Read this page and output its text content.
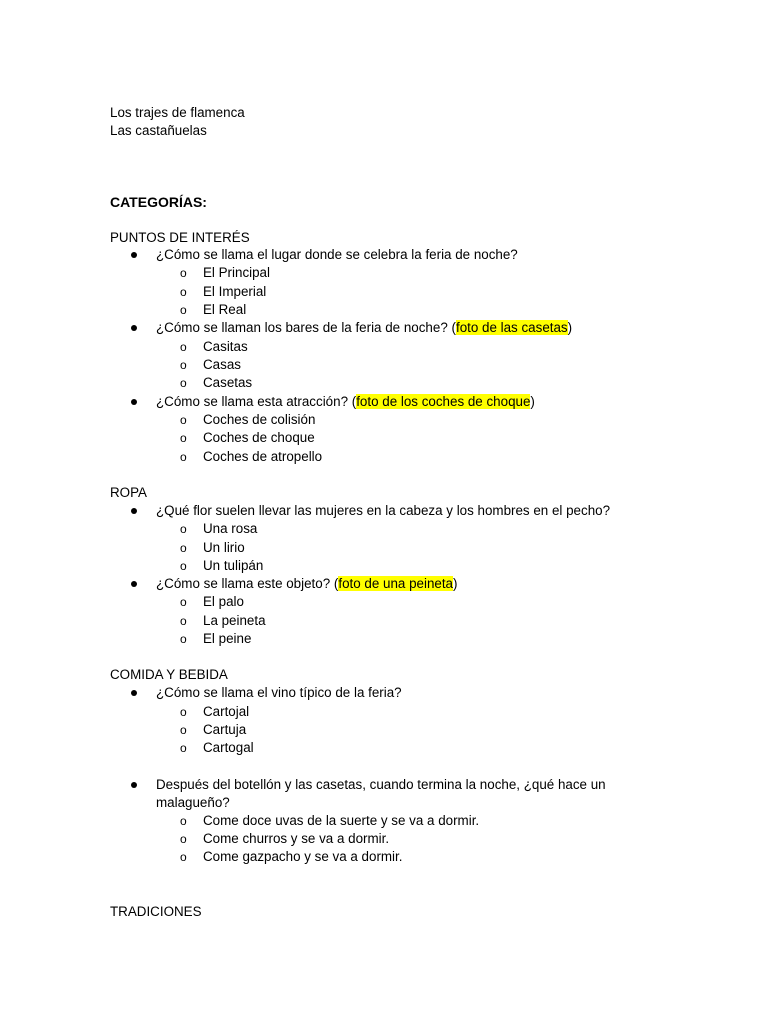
Los trajes de flamenca
Las castañuelas
CATEGORÍAS:
PUNTOS DE INTERÉS
¿Cómo se llama el lugar donde se celebra la feria de noche?
o El Principal
o El Imperial
o El Real
¿Cómo se llaman los bares de la feria de noche? (foto de las casetas)
o Casitas
o Casas
o Casetas
¿Cómo se llama esta atracción? (foto de los coches de choque)
o Coches de colisión
o Coches de choque
o Coches de atropello
ROPA
¿Qué flor suelen llevar las mujeres en la cabeza y los hombres en el pecho?
o Una rosa
o Un lirio
o Un tulipán
¿Cómo se llama este objeto? (foto de una peineta)
o El palo
o La peineta
o El peine
COMIDA Y BEBIDA
¿Cómo se llama el vino típico de la feria?
o Cartojal
o Cartuja
o Cartogal
Después del botellón y las casetas, cuando termina la noche, ¿qué hace un malagueño?
o Come doce uvas de la suerte y se va a dormir.
o Come churros y se va a dormir.
o Come gazpacho y se va a dormir.
TRADICIONES
